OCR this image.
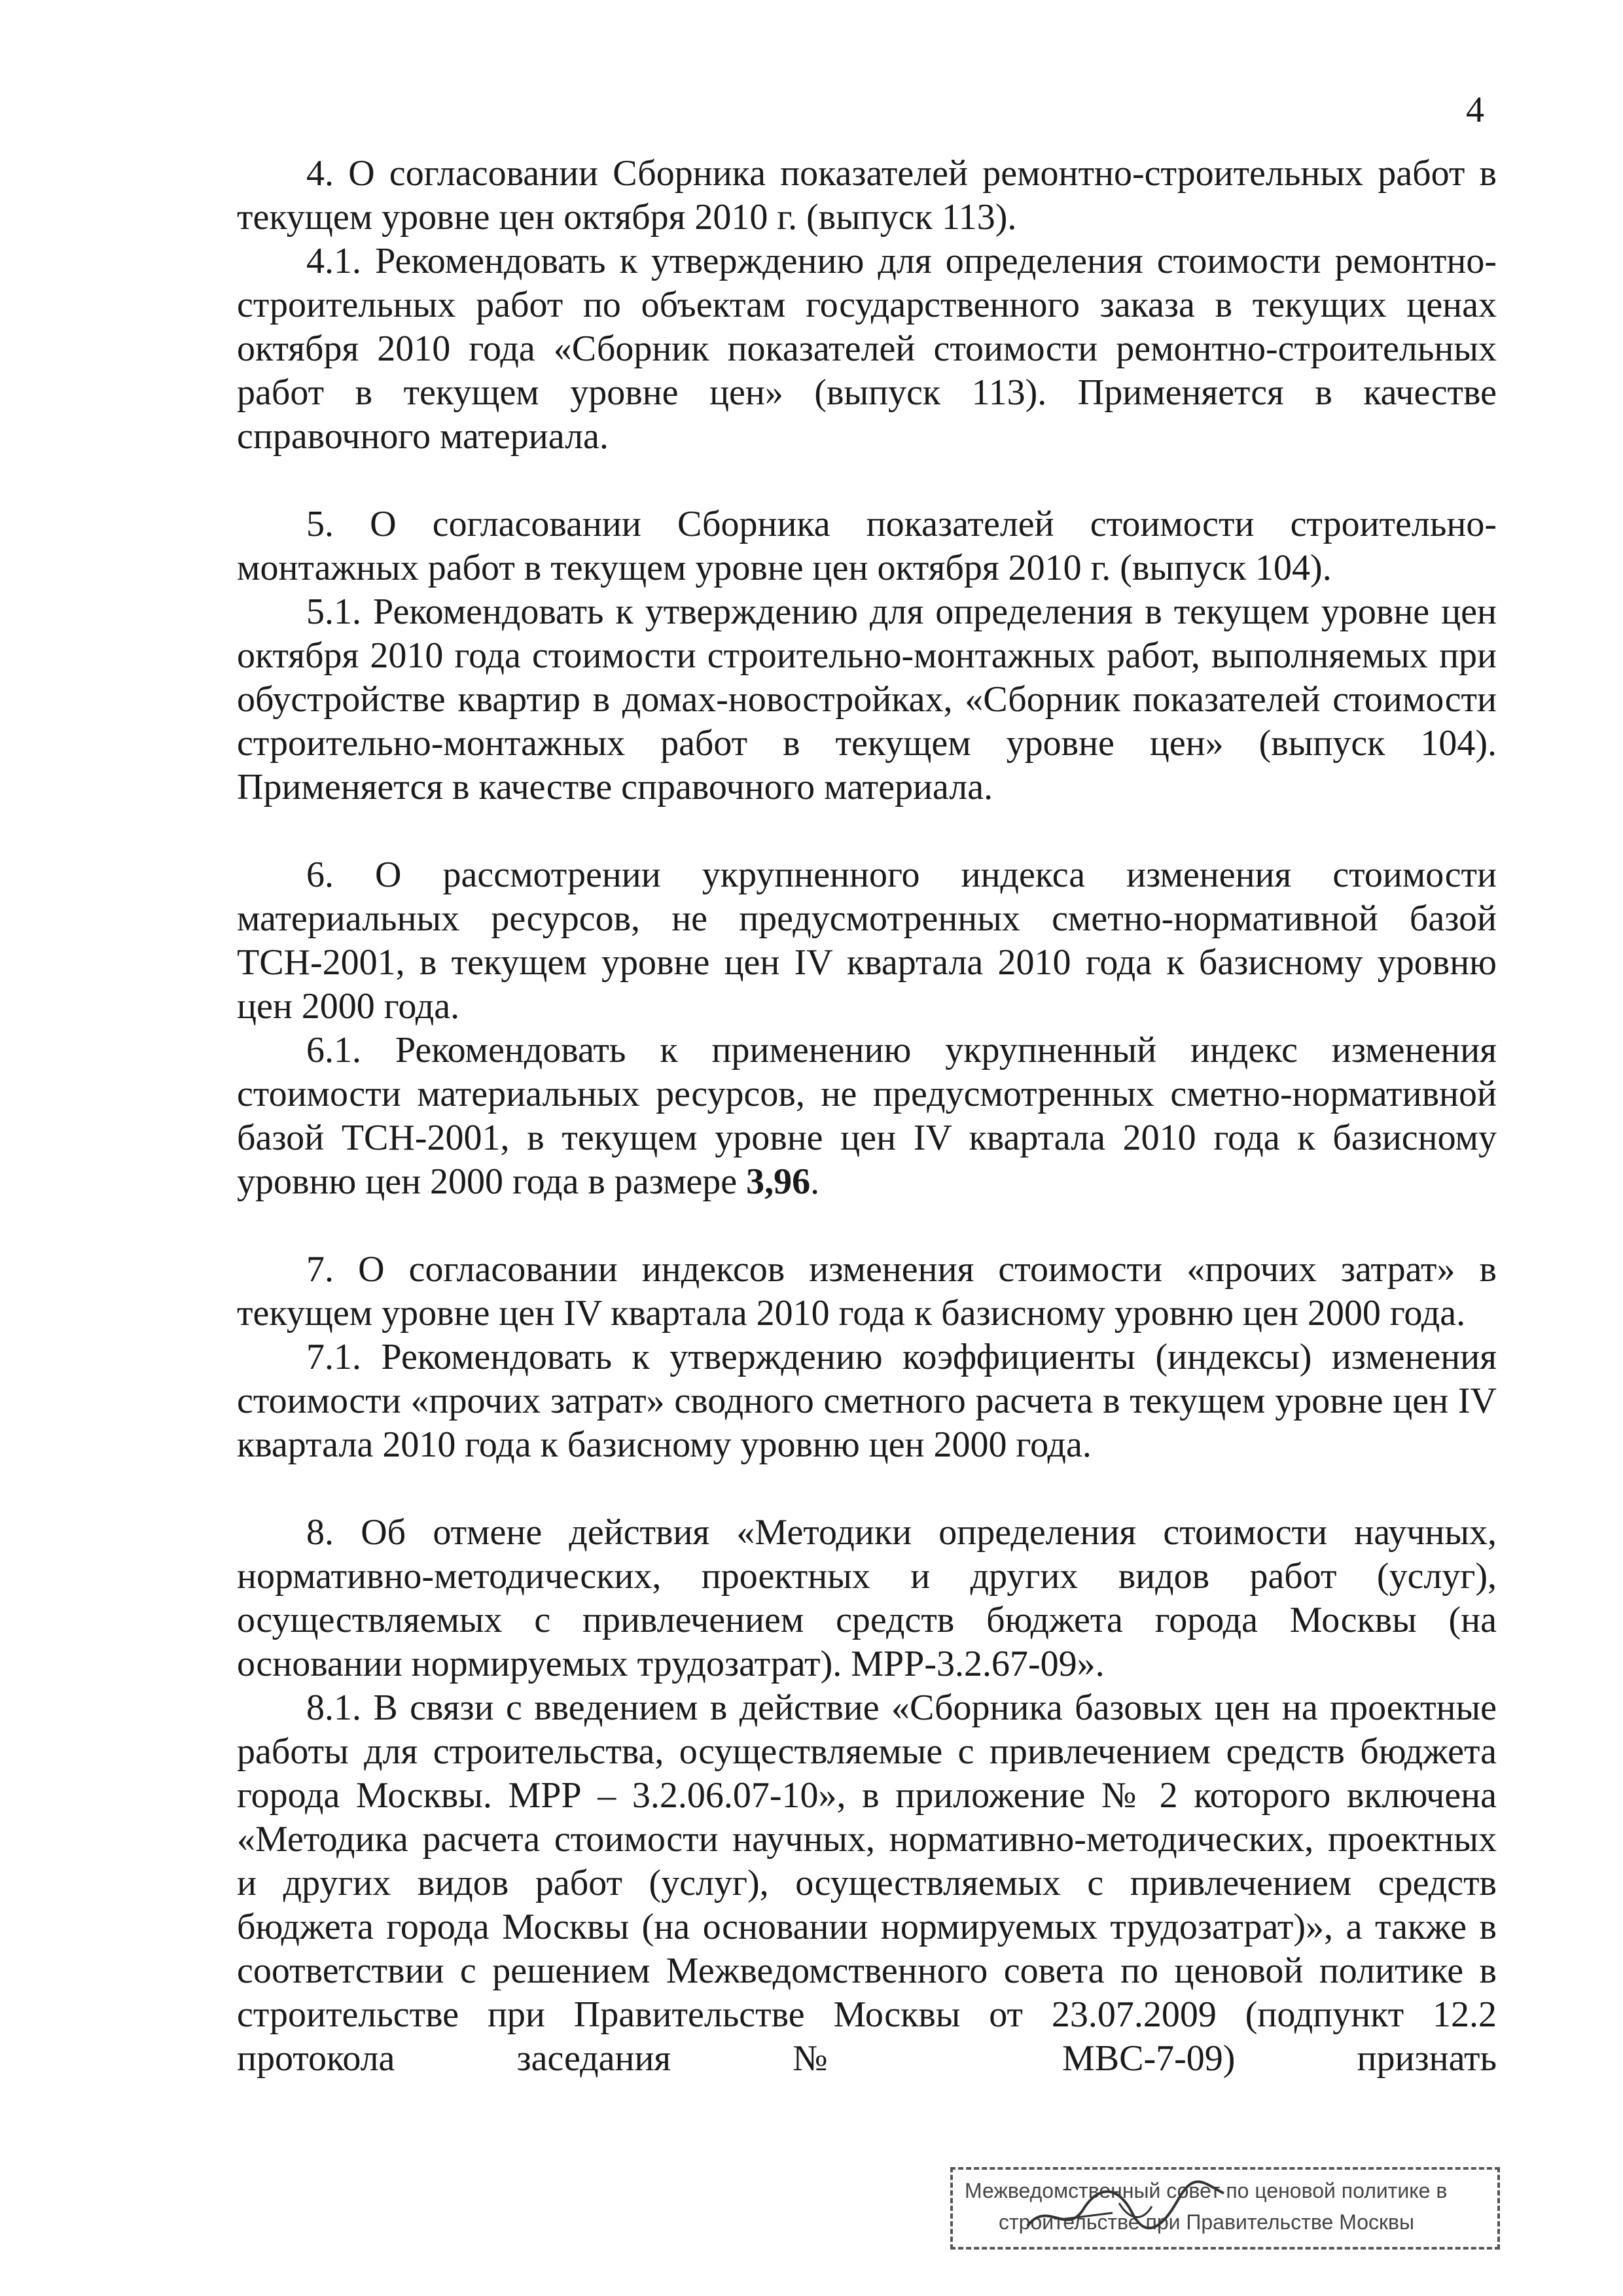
4

4. О согласовании Сборника показателей ремонтно-строительных работ в текущем уровне цен октября 2010 г. (выпуск 113).

4.1. Рекомендовать к утверждению для определения стоимости ремонтно-строительных работ по объектам государственного заказа в текущих ценах октября 2010 года «Сборник показателей стоимости ремонтно-строительных работ в текущем уровне цен» (выпуск 113). Применяется в качестве справочного материала.

5. О согласовании Сборника показателей стоимости строительно-монтажных работ в текущем уровне цен октября 2010 г. (выпуск 104).

5.1. Рекомендовать к утверждению для определения в текущем уровне цен октября 2010 года стоимости строительно-монтажных работ, выполняемых при обустройстве квартир в домах-новостройках, «Сборник показателей стоимости строительно-монтажных работ в текущем уровне цен» (выпуск 104). Применяется в качестве справочного материала.

6. О рассмотрении укрупненного индекса изменения стоимости материальных ресурсов, не предусмотренных сметно-нормативной базой ТСН-2001, в текущем уровне цен IV квартала 2010 года к базисному уровню цен 2000 года.

6.1. Рекомендовать к применению укрупненный индекс изменения стоимости материальных ресурсов, не предусмотренных сметно-нормативной базой ТСН-2001, в текущем уровне цен IV квартала 2010 года к базисному уровню цен 2000 года в размере 3,96.

7. О согласовании индексов изменения стоимости «прочих затрат» в текущем уровне цен IV квартала 2010 года к базисному уровню цен 2000 года.

7.1. Рекомендовать к утверждению коэффициенты (индексы) изменения стоимости «прочих затрат» сводного сметного расчета в текущем уровне цен IV квартала 2010 года к базисному уровню цен 2000 года.

8. Об отмене действия «Методики определения стоимости научных, нормативно-методических, проектных и других видов работ (услуг), осуществляемых с привлечением средств бюджета города Москвы (на основании нормируемых трудозатрат). МРР-3.2.67-09».

8.1. В связи с введением в действие «Сборника базовых цен на проектные работы для строительства, осуществляемые с привлечением средств бюджета города Москвы. МРР – 3.2.06.07-10», в приложение № 2 которого включена «Методика расчета стоимости научных, нормативно-методических, проектных и других видов работ (услуг), осуществляемых с привлечением средств бюджета города Москвы (на основании нормируемых трудозатрат)», а также в соответствии с решением Межведомственного совета по ценовой политике в строительстве при Правительстве Москвы от 23.07.2009 (подпункт 12.2 протокола заседания № МВС-7-09) признать

Межведомственный совет по ценовой политике в
строительстве при Правительстве Москвы
